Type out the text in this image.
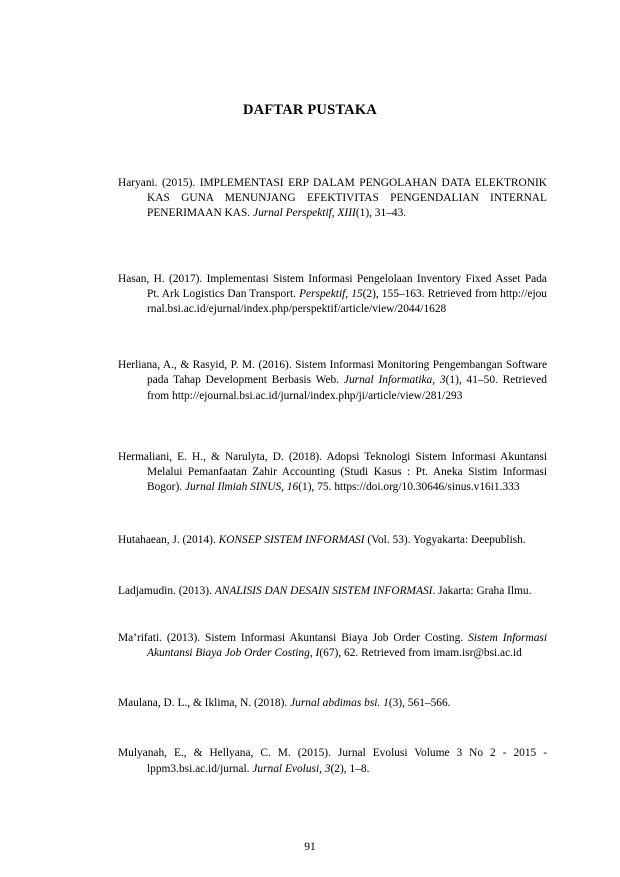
DAFTAR PUSTAKA

Haryani. (2015). IMPLEMENTASI ERP DALAM PENGOLAHAN DATA ELEKTRONIK KAS GUNA MENUNJANG EFEKTIVITAS PENGENDALIAN INTERNAL PENERIMAAN KAS. Jurnal Perspektif, XIII(1), 31–43.

Hasan, H. (2017). Implementasi Sistem Informasi Pengelolaan Inventory Fixed Asset Pada Pt. Ark Logistics Dan Transport. Perspektif, 15(2), 155–163. Retrieved from http://ejournal.bsi.ac.id/ejurnal/index.php/perspektif/article/view/2044/1628

Herliana, A., & Rasyid, P. M. (2016). Sistem Informasi Monitoring Pengembangan Software pada Tahap Development Berbasis Web. Jurnal Informatika, 3(1), 41–50. Retrieved from http://ejournal.bsi.ac.id/jurnal/index.php/ji/article/view/281/293

Hermaliani, E. H., & Narulyta, D. (2018). Adopsi Teknologi Sistem Informasi Akuntansi Melalui Pemanfaatan Zahir Accounting (Studi Kasus : Pt. Aneka Sistim Informasi Bogor). Jurnal Ilmiah SINUS, 16(1), 75. https://doi.org/10.30646/sinus.v16i1.333

Hutahaean, J. (2014). KONSEP SISTEM INFORMASI (Vol. 53). Yogyakarta: Deepublish.

Ladjamudin. (2013). ANALISIS DAN DESAIN SISTEM INFORMASI. Jakarta: Graha Ilmu.

Ma’rifati. (2013). Sistem Informasi Akuntansi Biaya Job Order Costing. Sistem Informasi Akuntansi Biaya Job Order Costing, I(67), 62. Retrieved from imam.isr@bsi.ac.id

Maulana, D. L., & Iklima, N. (2018). Jurnal abdimas bsi. 1(3), 561–566.

Mulyanah, E., & Hellyana, C. M. (2015). Jurnal Evolusi Volume 3 No 2 - 2015 - lppm3.bsi.ac.id/jurnal. Jurnal Evolusi, 3(2), 1–8.

91
